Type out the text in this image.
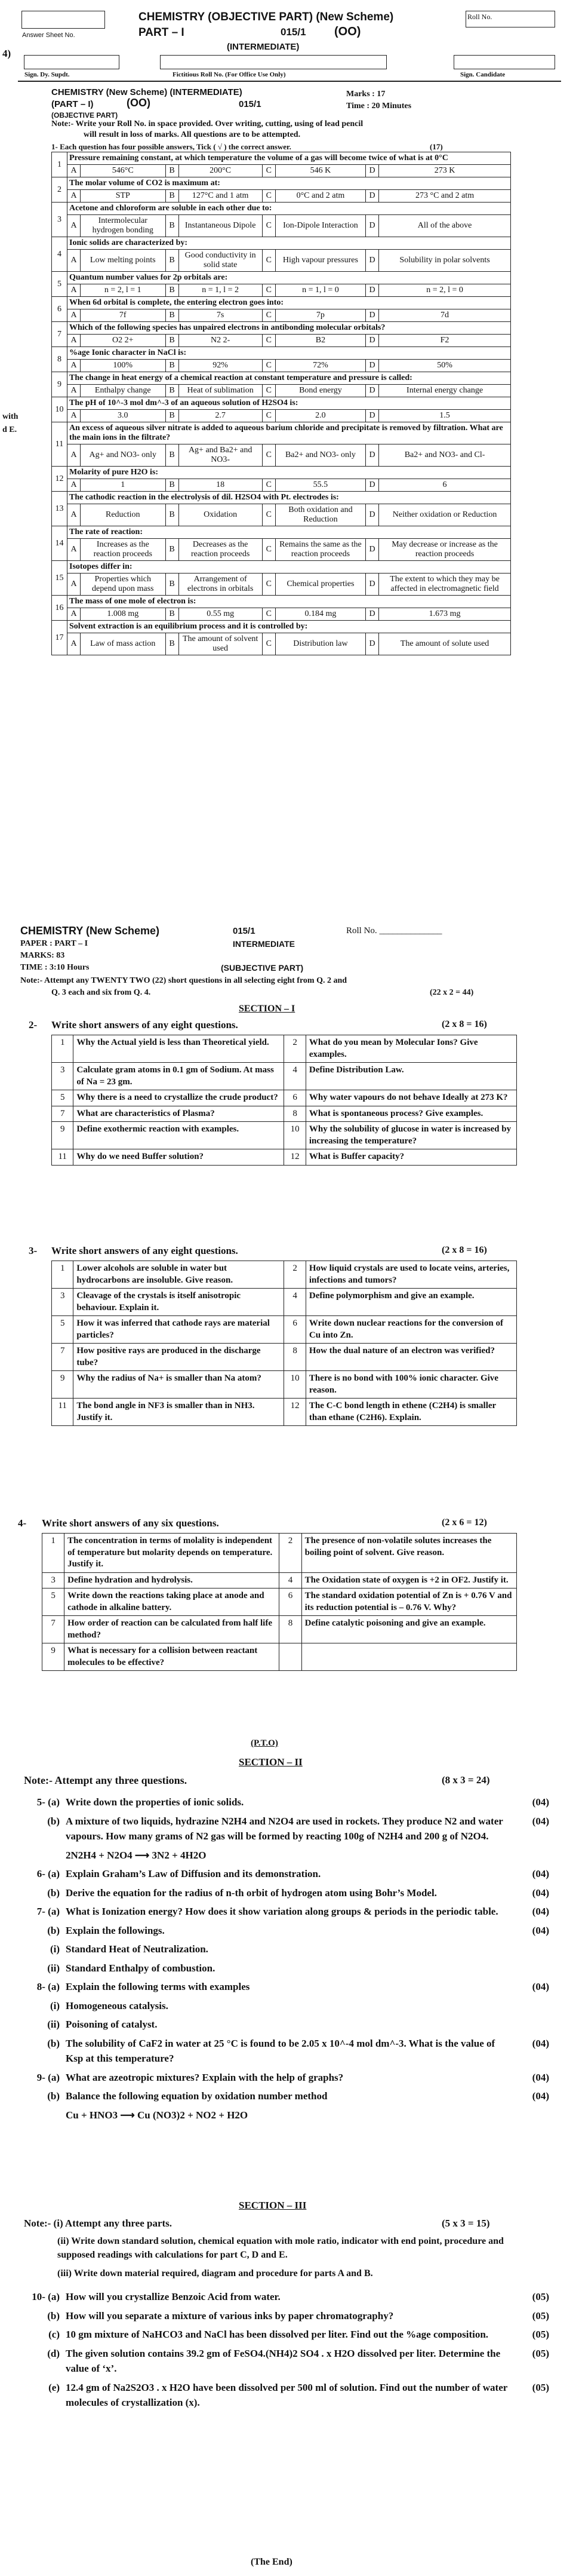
Answer Sheet No.
CHEMISTRY (OBJECTIVE PART) (New Scheme)	Roll No.
PART – I	015/1 (OO)
(INTERMEDIATE)
4)
Fictitious Roll No. (For Office Use Only)
Sign. Dy. Supdt.	Sign. Candidate
CHEMISTRY (New Scheme) (INTERMEDIATE)
(PART – I)	(OO)	015/1
(OBJECTIVE PART)
Marks : 17
Time : 20 Minutes
Note:- Write your Roll No. in space provided. Over writing, cutting, using of lead pencil
will result in loss of marks. All questions are to be attempted.
1- Each question has four possible answers, Tick ( √ ) the correct answer.	(17)
with
d E.
1	Pressure remaining constant, at which temperature the volume of a gas will become twice of what is at 0°C							
	A	546°C	B	200°C	C	546 K	D	273 K
2	The molar volume of CO2 is maximum at:							
	A	STP	B	127°C and 1 atm	C	0°C and 2 atm	D	273 °C and 2 atm
3	Acetone and chloroform are soluble in each other due to:							
	A	Intermolecular hydrogen bonding	B	Instantaneous Dipole	C	Ion-Dipole Interaction	D	All of the above
4	Ionic solids are characterized by:							
	A	Low melting points	B	Good conductivity in solid state	C	High vapour pressures	D	Solubility in polar solvents
5	Quantum number values for 2p orbitals are:							
	A	n = 2, l = 1	B	n = 1, l = 2	C	n = 1, l = 0	D	n = 2, l = 0
6	When 6d orbital is complete, the entering electron goes into:							
	A	7f	B	7s	C	7p	D	7d
7	Which of the following species has unpaired electrons in antibonding molecular orbitals?							
	A	O2 2+	B	N2 2-	C	B2	D	F2
8	%age Ionic character in NaCl is:							
	A	100%	B	92%	C	72%	D	50%
9	The change in heat energy of a chemical reaction at constant temperature and pressure is called:							
	A	Enthalpy change	B	Heat of sublimation	C	Bond energy	D	Internal energy change
10	The pH of 10^-3 mol dm^-3 of an aqueous solution of H2SO4 is:							
	A	3.0	B	2.7	C	2.0	D	1.5
11	An excess of aqueous silver nitrate is added to aqueous barium chloride and precipitate is removed by filtration. What are the main ions in the filtrate?							
	A	Ag+ and NO3- only	B	Ag+ and Ba2+ and NO3-	C	Ba2+ and NO3- only	D	Ba2+ and NO3- and Cl-
12	Molarity of pure H2O is:							
	A	1	B	18	C	55.5	D	6
13	The cathodic reaction in the electrolysis of dil. H2SO4 with Pt. electrodes is:							
	A	Reduction	B	Oxidation	C	Both oxidation and Reduction	D	Neither oxidation or Reduction
14	The rate of reaction:							
	A	Increases as the reaction proceeds	B	Decreases as the reaction proceeds	C	Remains the same as the reaction proceeds	D	May decrease or increase as the reaction proceeds
15	Isotopes differ in:							
	A	Properties which depend upon mass	B	Arrangement of electrons in orbitals	C	Chemical properties	D	The extent to which they may be affected in electromagnetic field
16	The mass of one mole of electron is:							
	A	1.008 mg	B	0.55 mg	C	0.184 mg	D	1.673 mg
17	Solvent extraction is an equilibrium process and it is controlled by:							
	A	Law of mass action	B	The amount of solvent used	C	Distribution law	D	The amount of solute used
CHEMISTRY (New Scheme)	015/1	Roll No. ______________
PAPER : PART – I	INTERMEDIATE
MARKS: 83
TIME : 3:10 Hours	(SUBJECTIVE PART)
Note:- Attempt any TWENTY TWO (22) short questions in all selecting eight from Q. 2 and
Q. 3 each and six from Q. 4.	(22 x 2 = 44)
SECTION – I
2- Write short answers of any eight questions.	(2 x 8 = 16)
1	Why the Actual yield is less than Theoretical yield.	2	What do you mean by Molecular Ions? Give examples.
3	Calculate gram atoms in 0.1 gm of Sodium. At mass of Na = 23 gm.	4	Define Distribution Law.
5	Why there is a need to crystallize the crude product?	6	Why water vapours do not behave Ideally at 273 K?
7	What are characteristics of Plasma?	8	What is spontaneous process? Give examples.
9	Define exothermic reaction with examples.	10	Why the solubility of glucose in water is increased by increasing the temperature?
11	Why do we need Buffer solution?	12	What is Buffer capacity?
3- Write short answers of any eight questions.	(2 x 8 = 16)
1	Lower alcohols are soluble in water but hydrocarbons are insoluble. Give reason.	2	How liquid crystals are used to locate veins, arteries, infections and tumors?
3	Cleavage of the crystals is itself anisotropic behaviour. Explain it.	4	Define polymorphism and give an example.
5	How it was inferred that cathode rays are material particles?	6	Write down nuclear reactions for the conversion of Cu into Zn.
7	How positive rays are produced in the discharge tube?	8	How the dual nature of an electron was verified?
9	Why the radius of Na+ is smaller than Na atom?	10	There is no bond with 100% ionic character. Give reason.
11	The bond angle in NF3 is smaller than in NH3. Justify it.	12	The C-C bond length in ethene (C2H4) is smaller than ethane (C2H6). Explain.
4- Write short answers of any six questions.	(2 x 6 = 12)
1	The concentration in terms of molality is independent of temperature but molarity depends on temperature. Justify it.	2	The presence of non-volatile solutes increases the boiling point of solvent. Give reason.
3	Define hydration and hydrolysis.	4	The Oxidation state of oxygen is +2 in OF2. Justify it.
5	Write down the reactions taking place at anode and cathode in alkaline battery.	6	The standard oxidation potential of Zn is + 0.76 V and its reduction potential is – 0.76 V. Why?
7	How order of reaction can be calculated from half life method?	8	Define catalytic poisoning and give an example.
9	What is necessary for a collision between reactant molecules to be effective?		
(P.T.O)
SECTION – II
Note:- Attempt any three questions.	(8 x 3 = 24)
5- (a) Write down the properties of ionic solids.	(04)
(b) A mixture of two liquids, hydrazine N2H4 and N2O4 are used in rockets. They produce N2 and water vapours. How many grams of N2 gas will be formed by reacting 100g of N2H4 and 200 g of N2O4.
(04)
2N2H4 + N2O4 ⟶ 3N2 + 4H2O
6- (a) Explain Graham’s Law of Diffusion and its demonstration.	(04)
(b) Derive the equation for the radius of n-th orbit of hydrogen atom using Bohr’s Model.	(04)
7- (a) What is Ionization energy? How does it show variation along groups & periods in the periodic table.	(04)
(b) Explain the followings.	(04)
(i) Standard Heat of Neutralization.
(ii) Standard Enthalpy of combustion.
8- (a) Explain the following terms with examples	(04)
(i) Homogeneous catalysis.
(ii) Poisoning of catalyst.
(b) The solubility of CaF2 in water at 25 °C is found to be 2.05 x 10^-4 mol dm^-3. What is the value of Ksp at this temperature?
(04)
9- (a) What are azeotropic mixtures? Explain with the help of graphs?	(04)
(b) Balance the following equation by oxidation number method	(04)
Cu + HNO3 ⟶ Cu (NO3)2 + NO2 + H2O
SECTION – III
Note:- (i) Attempt any three parts.	(5 x 3 = 15)
(ii) Write down standard solution, chemical equation with mole ratio, indicator with end point, procedure and supposed readings with calculations for part C, D and E.
(iii) Write down material required, diagram and procedure for parts A and B.
10- (a) How will you crystallize Benzoic Acid from water.	(05)
(b) How will you separate a mixture of various inks by paper chromatography?	(05)
(c) 10 gm mixture of NaHCO3 and NaCl has been dissolved per liter. Find out the %age composition.	(05)
(d) The given solution contains 39.2 gm of FeSO4.(NH4)2 SO4 . x H2O dissolved per liter. Determine the value of ‘x’.
(05)
(e) 12.4 gm of Na2S2O3 . x H2O have been dissolved per 500 ml of solution. Find out the number of water molecules of crystallization (x).
(05)
(The End)
